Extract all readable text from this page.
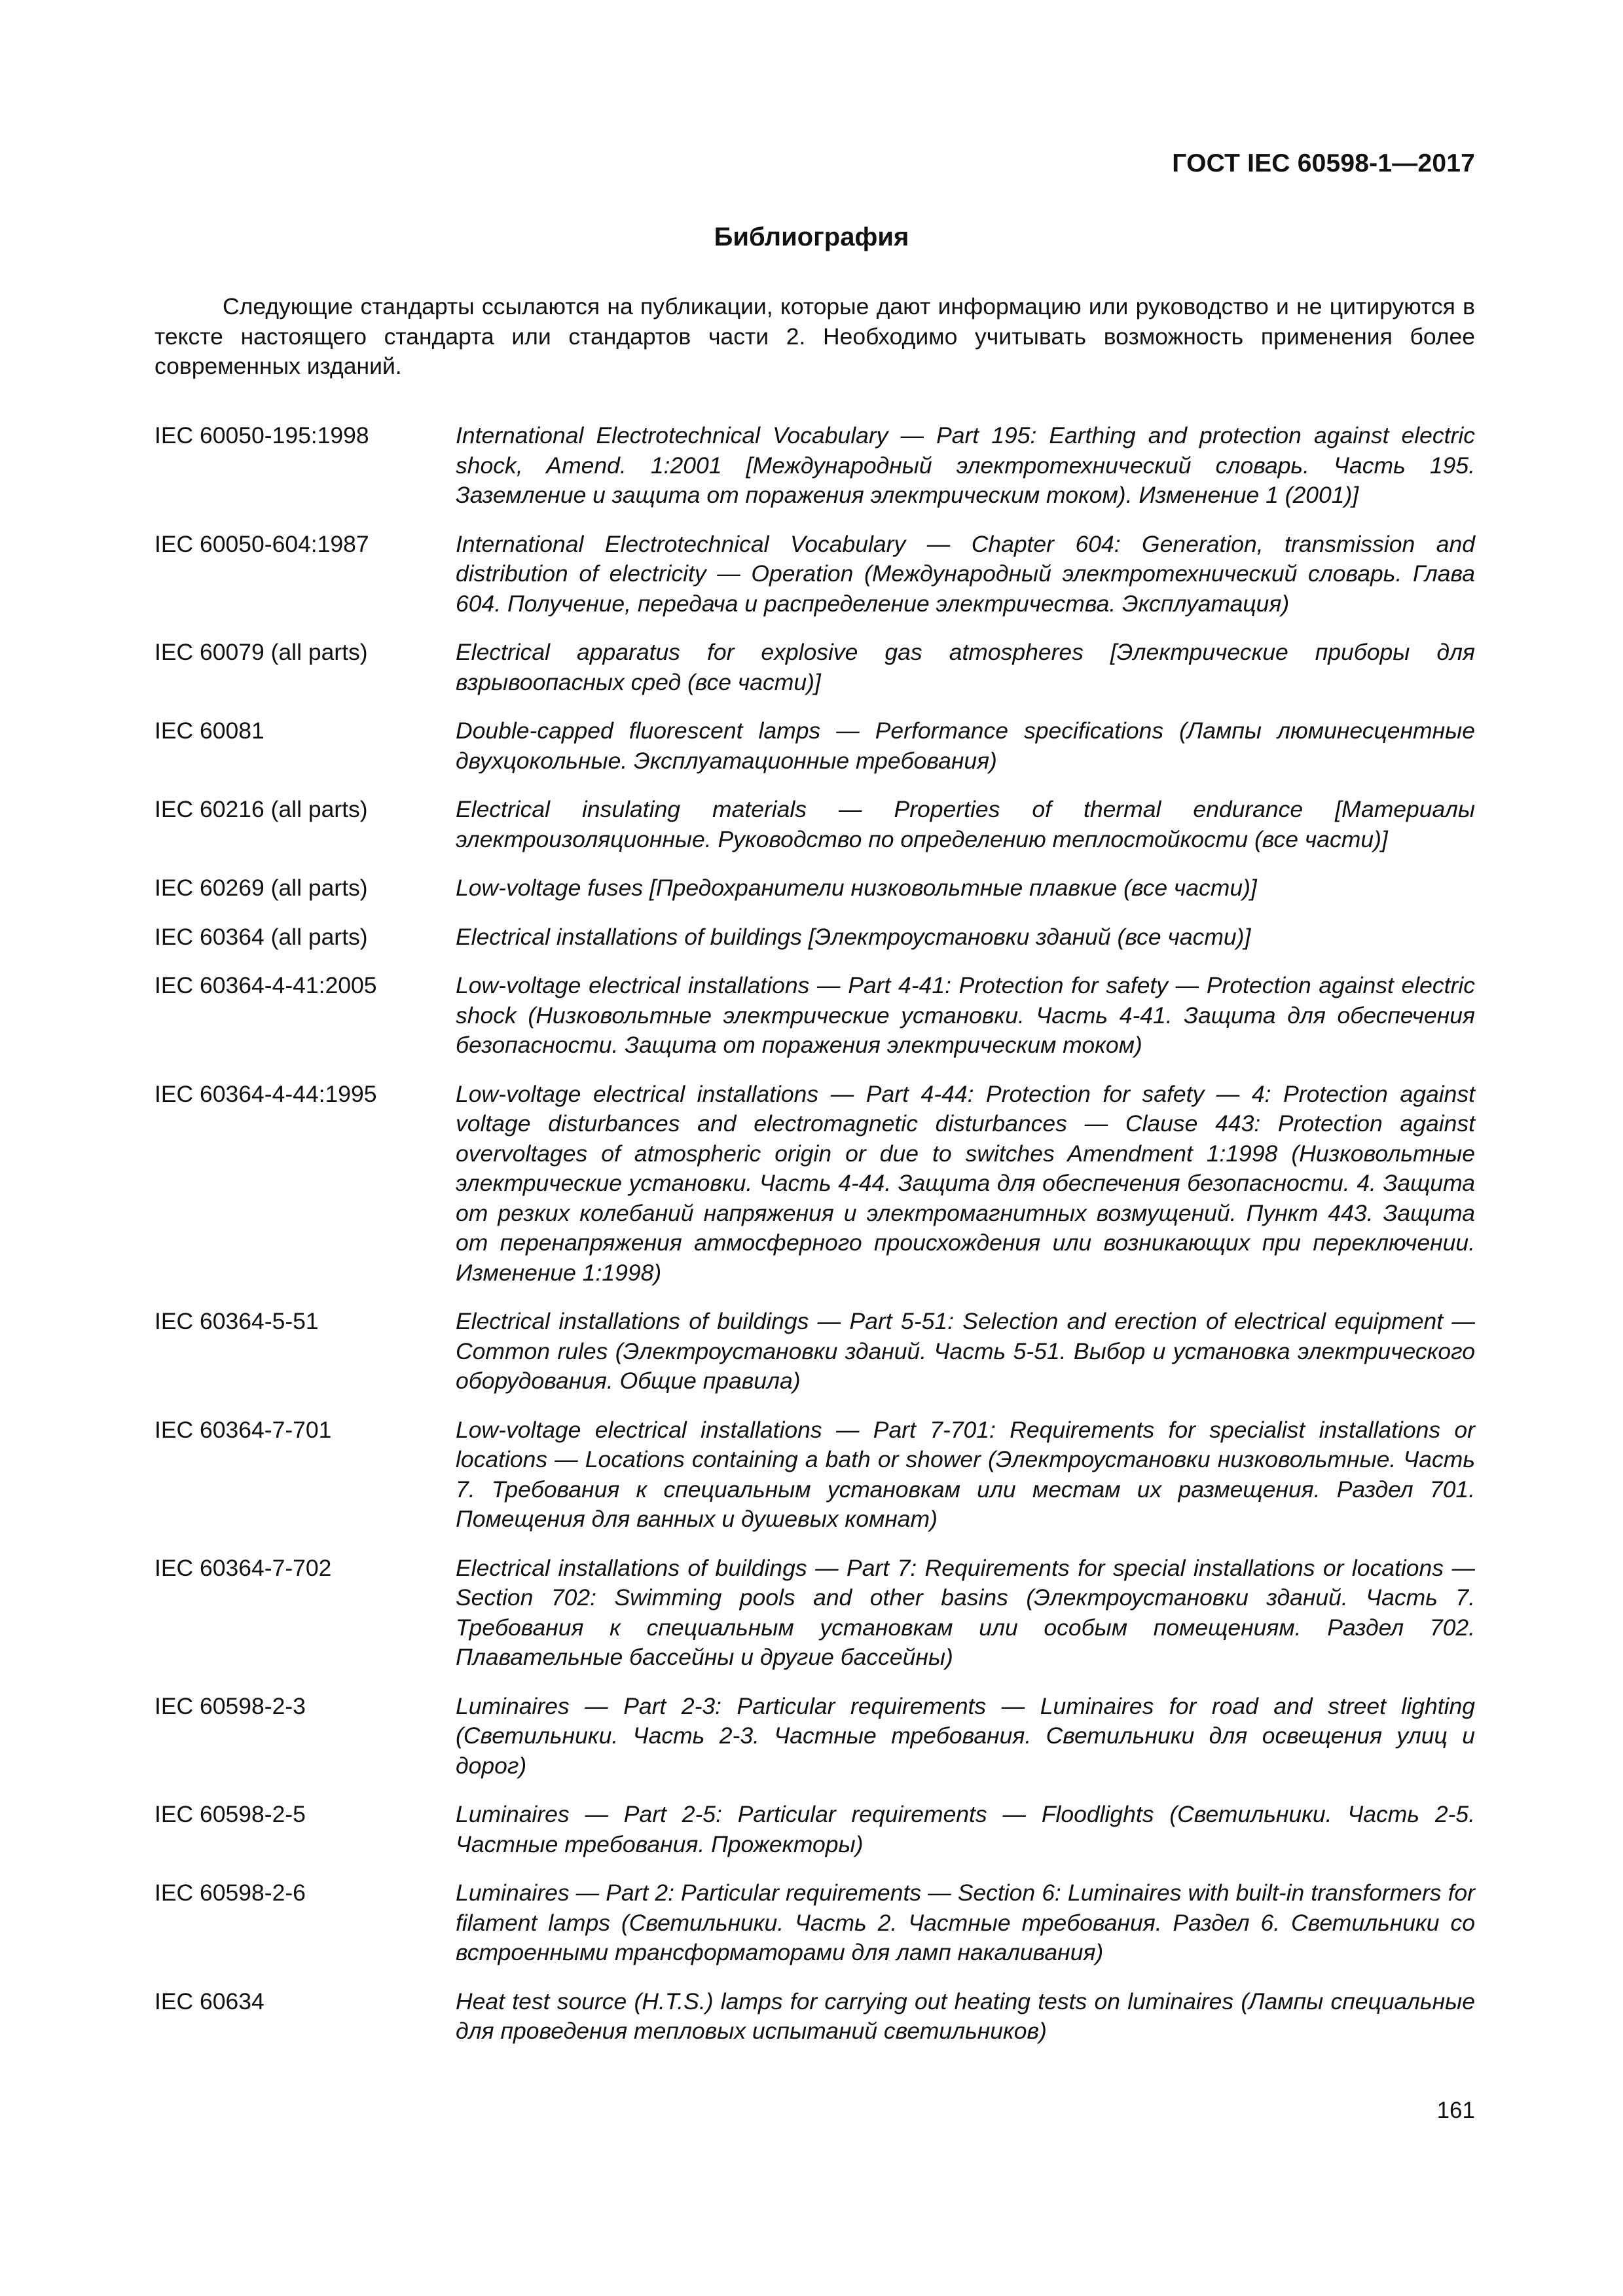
ГОСТ IEC 60598-1—2017
Библиография
Следующие стандарты ссылаются на публикации, которые дают информацию или руководство и не цитируются в тексте настоящего стандарта или стандартов части 2. Необходимо учитывать возможность применения более современных изданий.
IEC 60050-195:1998	International Electrotechnical Vocabulary — Part 195: Earthing and protection against electric shock, Amend. 1:2001 [Международный электротехнический словарь. Часть 195. Заземление и защита от поражения электрическим током). Изменение 1 (2001)]
IEC 60050-604:1987	International Electrotechnical Vocabulary — Chapter 604: Generation, transmission and distribution of electricity — Operation (Международный электротехнический словарь. Глава 604. Получение, передача и распределение электричества. Эксплуатация)
IEC 60079 (all parts)	Electrical apparatus for explosive gas atmospheres [Электрические приборы для взрывоопасных сред (все части)]
IEC 60081	Double-capped fluorescent lamps — Performance specifications (Лампы люминесцентные двухцокольные. Эксплуатационные требования)
IEC 60216 (all parts)	Electrical insulating materials — Properties of thermal endurance [Материалы электроизоляционные. Руководство по определению теплостойкости (все части)]
IEC 60269 (all parts)	Low-voltage fuses [Предохранители низковольтные плавкие (все части)]
IEC 60364 (all parts)	Electrical installations of buildings [Электроустановки зданий (все части)]
IEC 60364-4-41:2005	Low-voltage electrical installations — Part 4-41: Protection for safety — Protection against electric shock (Низковольтные электрические установки. Часть 4-41. Защита для обеспечения безопасности. Защита от поражения электрическим током)
IEC 60364-4-44:1995	Low-voltage electrical installations — Part 4-44: Protection for safety — 4: Protection against voltage disturbances and electromagnetic disturbances — Clause 443: Protection against overvoltages of atmospheric origin or due to switches Amendment 1:1998 (Низковольтные электрические установки. Часть 4-44. Защита для обеспечения безопасности. 4. Защита от резких колебаний напряжения и электромагнитных возмущений. Пункт 443. Защита от перенапряжения атмосферного происхождения или возникающих при переключении. Изменение 1:1998)
IEC 60364-5-51	Electrical installations of buildings — Part 5-51: Selection and erection of electrical equipment — Common rules (Электроустановки зданий. Часть 5-51. Выбор и установка электрического оборудования. Общие правила)
IEC 60364-7-701	Low-voltage electrical installations — Part 7-701: Requirements for specialist installations or locations — Locations containing a bath or shower (Электроустановки низковольтные. Часть 7. Требования к специальным установкам или местам их размещения. Раздел 701. Помещения для ванных и душевых комнат)
IEC 60364-7-702	Electrical installations of buildings — Part 7: Requirements for special installations or locations — Section 702: Swimming pools and other basins (Электроустановки зданий. Часть 7. Требования к специальным установкам или особым помещениям. Раздел 702. Плавательные бассейны и другие бассейны)
IEC 60598-2-3	Luminaires — Part 2-3: Particular requirements — Luminaires for road and street lighting (Светильники. Часть 2-3. Частные требования. Светильники для освещения улиц и дорог)
IEC 60598-2-5	Luminaires — Part 2-5: Particular requirements — Floodlights (Светильники. Часть 2-5. Частные требования. Прожекторы)
IEC 60598-2-6	Luminaires — Part 2: Particular requirements — Section 6: Luminaires with built-in transformers for filament lamps (Светильники. Часть 2. Частные требования. Раздел 6. Светильники со встроенными трансформаторами для ламп накаливания)
IEC 60634	Heat test source (H.T.S.) lamps for carrying out heating tests on luminaires (Лампы специальные для проведения тепловых испытаний светильников)
161
